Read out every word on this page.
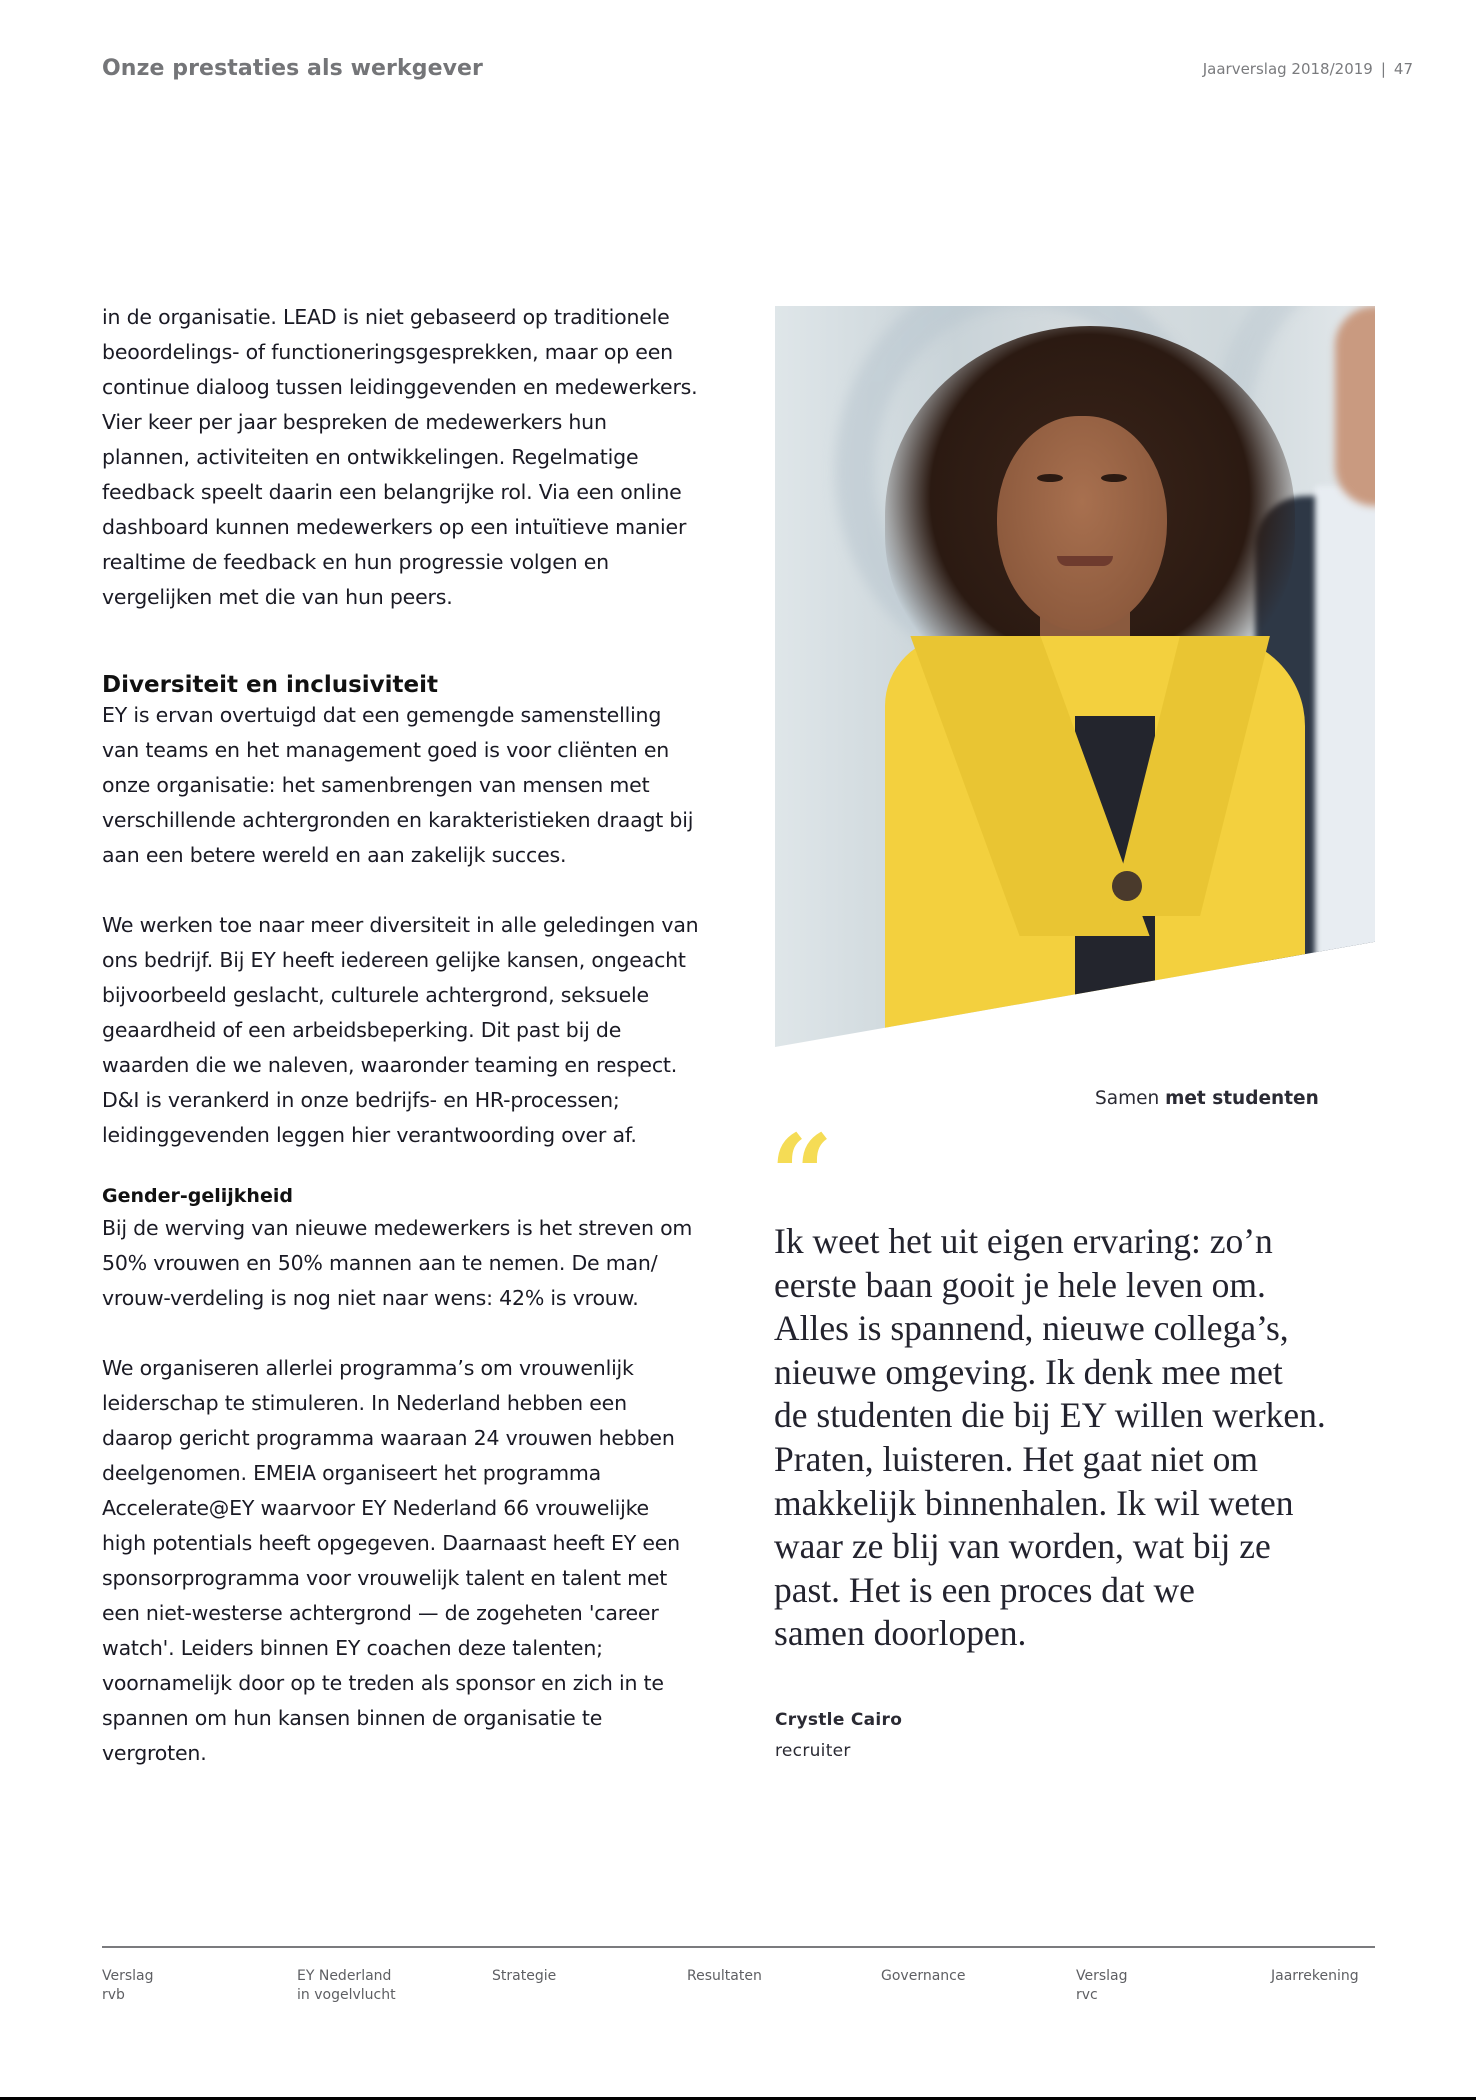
Onze prestaties als werkgever	Jaarverslag 2018/2019 | 47

in de organisatie. LEAD is niet gebaseerd op traditionele
beoordelings- of functioneringsgesprekken, maar op een
continue dialoog tussen leidinggevenden en medewerkers.
Vier keer per jaar bespreken de medewerkers hun
plannen, activiteiten en ontwikkelingen. Regelmatige
feedback speelt daarin een belangrijke rol. Via een online
dashboard kunnen medewerkers op een intuïtieve manier
realtime de feedback en hun progressie volgen en
vergelijken met die van hun peers.

Diversiteit en inclusiviteit

EY is ervan overtuigd dat een gemengde samenstelling
van teams en het management goed is voor cliënten en
onze organisatie: het samenbrengen van mensen met
verschillende achtergronden en karakteristieken draagt bij
aan een betere wereld en aan zakelijk succes.

We werken toe naar meer diversiteit in alle geledingen van
ons bedrijf. Bij EY heeft iedereen gelijke kansen, ongeacht
bijvoorbeeld geslacht, culturele achtergrond, seksuele
geaardheid of een arbeidsbeperking. Dit past bij de
waarden die we naleven, waaronder teaming en respect.
D&I is verankerd in onze bedrijfs- en HR-processen;
leidinggevenden leggen hier verantwoording over af.

Gender-gelijkheid

Bij de werving van nieuwe medewerkers is het streven om
50% vrouwen en 50% mannen aan te nemen. De man/
vrouw-verdeling is nog niet naar wens: 42% is vrouw.

We organiseren allerlei programma’s om vrouwenlijk
leiderschap te stimuleren. In Nederland hebben een
daarop gericht programma waaraan 24 vrouwen hebben
deelgenomen. EMEIA organiseert het programma
Accelerate@EY waarvoor EY Nederland 66 vrouwelijke
high potentials heeft opgegeven. Daarnaast heeft EY een
sponsorprogramma voor vrouwelijk talent en talent met
een niet-westerse achtergrond — de zogeheten 'career
watch'. Leiders binnen EY coachen deze talenten;
voornamelijk door op te treden als sponsor en zich in te
spannen om hun kansen binnen de organisatie te
vergroten.

Samen met studenten
“
Ik weet het uit eigen ervaring: zo’n
eerste baan gooit je hele leven om.
Alles is spannend, nieuwe collega’s,
nieuwe omgeving. Ik denk mee met
de studenten die bij EY willen werken.
Praten, luisteren. Het gaat niet om
makkelijk binnenhalen. Ik wil weten
waar ze blij van worden, wat bij ze
past. Het is een proces dat we
samen doorlopen.
Crystle Cairo
recruiter
Verslag
rvb
EY Nederland
in vogelvlucht
Strategie	Resultaten	Governance	Verslag
rvc
Jaarrekening
